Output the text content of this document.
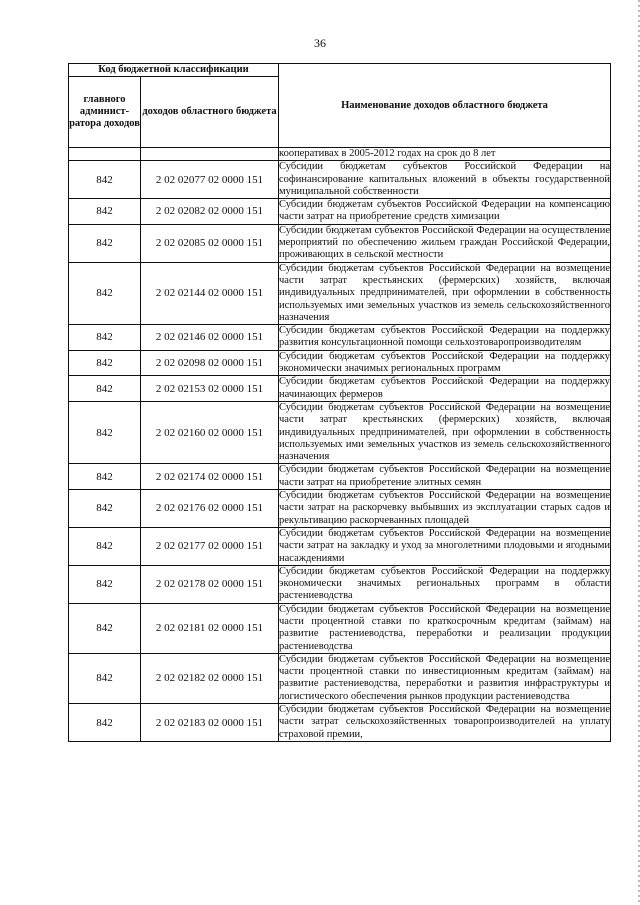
36
Код бюджетной классификации		Наименование доходов областного бюджета
главного админист- ратора доходов	доходов областного бюджета	
		кооперативах в 2005-2012 годах на срок до 8 лет
842	2 02 02077 02 0000 151	Субсидии бюджетам субъектов Российской Федерации на софинансирование капитальных вложений в объекты государственной муниципальной собственности
842	2 02 02082 02 0000 151	Субсидии бюджетам субъектов Российской Федерации на компенсацию части затрат на приобретение средств химизации
842	2 02 02085 02 0000 151	Субсидии бюджетам субъектов Российской Федерации на осуществление мероприятий по обеспечению жильем граждан Российской Федерации, проживающих в сельской местности
842	2 02 02144 02 0000 151	Субсидии бюджетам субъектов Российской Федерации на возмещение части затрат крестьянских (фермерских) хозяйств, включая индивидуальных предпринимателей, при оформлении в собственность используемых ими земельных участков из земель сельскохозяйственного назначения
842	2 02 02146 02 0000 151	Субсидии бюджетам субъектов Российской Федерации на поддержку развития консультационной помощи сельхозтоваропроизводителям
842	2 02 02098 02 0000 151	Субсидии бюджетам субъектов Российской Федерации на поддержку экономически значимых региональных программ
842	2 02 02153 02 0000 151	Субсидии бюджетам субъектов Российской Федерации на поддержку начинающих фермеров
842	2 02 02160 02 0000 151	Субсидии бюджетам субъектов Российской Федерации на возмещение части затрат крестьянских (фермерских) хозяйств, включая индивидуальных предпринимателей, при оформлении в собственность используемых ими земельных участков из земель сельскохозяйственного назначения
842	2 02 02174 02 0000 151	Субсидии бюджетам субъектов Российской Федерации на возмещение части затрат на приобретение элитных семян
842	2 02 02176 02 0000 151	Субсидии бюджетам субъектов Российской Федерации на возмещение части затрат на раскорчевку выбывших из эксплуатации старых садов и рекультивацию раскорчеванных площадей
842	2 02 02177 02 0000 151	Субсидии бюджетам субъектов Российской Федерации на возмещение части затрат на закладку и уход за многолетними плодовыми и ягодными насаждениями
842	2 02 02178 02 0000 151	Субсидии бюджетам субъектов Российской Федерации на поддержку экономически значимых региональных программ в области растениеводства
842	2 02 02181 02 0000 151	Субсидии бюджетам субъектов Российской Федерации на возмещение части процентной ставки по краткосрочным кредитам (займам) на развитие растениеводства, переработки и реализации продукции растениеводства
842	2 02 02182 02 0000 151	Субсидии бюджетам субъектов Российской Федерации на возмещение части процентной ставки по инвестиционным кредитам (займам) на развитие растениеводства, переработки и развития инфраструктуры и логистического обеспечения рынков продукции растениеводства
842	2 02 02183 02 0000 151	Субсидии бюджетам субъектов Российской Федерации на возмещение части затрат сельскохозяйственных товаропроизводителей на уплату страховой премии,
